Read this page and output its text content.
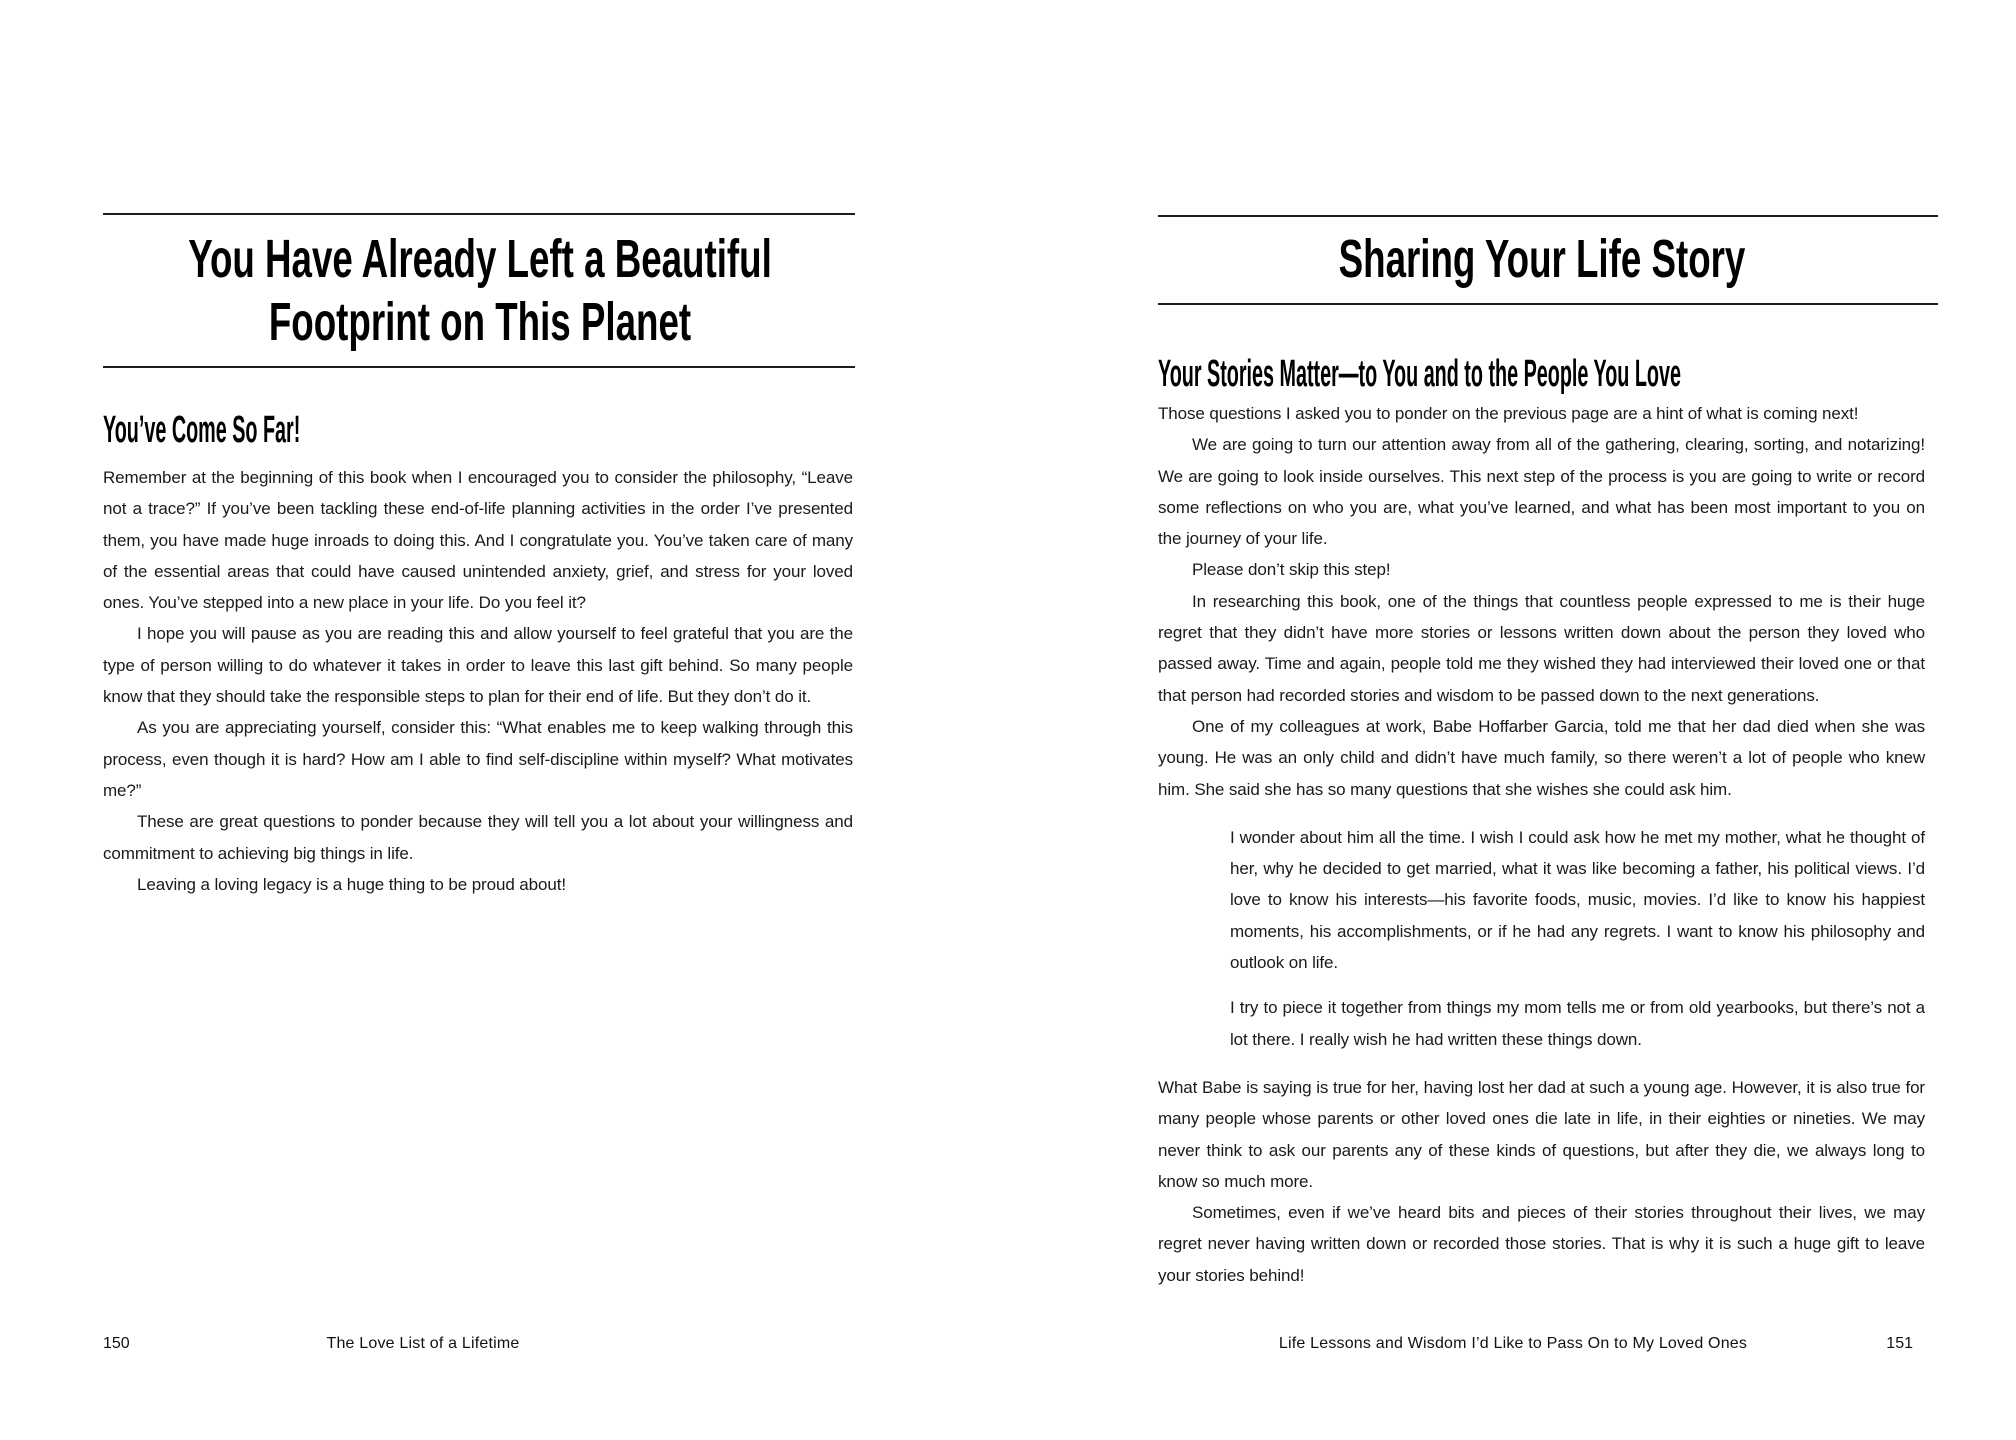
You Have Already Left a Beautiful
Footprint on This Planet
You’ve Come So Far!

Remember at the beginning of this book when I encouraged you to consider the philosophy, “Leave not a trace?” If you’ve been tackling these end-of-life planning activities in the order I’ve presented them, you have made huge inroads to doing this. And I congratulate you. You’ve taken care of many of the essential areas that could have caused unintended anxiety, grief, and stress for your loved ones. You’ve stepped into a new place in your life. Do you feel it?

I hope you will pause as you are reading this and allow yourself to feel grateful that you are the type of person willing to do whatever it takes in order to leave this last gift behind. So many people know that they should take the responsible steps to plan for their end of life. But they don’t do it.

As you are appreciating yourself, consider this: “What enables me to keep walking through this process, even though it is hard? How am I able to find self-discipline within myself? What motivates me?”

These are great questions to ponder because they will tell you a lot about your willingness and commitment to achieving big things in life.

Leaving a loving legacy is a huge thing to be proud about!

150	The Love List of a Lifetime
Sharing Your Life Story
Your Stories Matter—to You and to the People You Love

Those questions I asked you to ponder on the previous page are a hint of what is coming next!

We are going to turn our attention away from all of the gathering, clearing, sorting, and notarizing! We are going to look inside ourselves. This next step of the process is you are going to write or record some reflections on who you are, what you’ve learned, and what has been most important to you on the journey of your life.

Please don’t skip this step!

In researching this book, one of the things that countless people expressed to me is their huge regret that they didn’t have more stories or lessons written down about the person they loved who passed away. Time and again, people told me they wished they had interviewed their loved one or that that person had recorded stories and wisdom to be passed down to the next generations.

One of my colleagues at work, Babe Hoffarber Garcia, told me that her dad died when she was young. He was an only child and didn’t have much family, so there weren’t a lot of people who knew him. She said she has so many questions that she wishes she could ask him.

I wonder about him all the time. I wish I could ask how he met my mother, what he thought of her, why he decided to get married, what it was like becoming a father, his political views. I’d love to know his interests—his favorite foods, music, movies. I’d like to know his happiest moments, his accomplishments, or if he had any regrets. I want to know his philosophy and outlook on life.

I try to piece it together from things my mom tells me or from old yearbooks, but there’s not a lot there. I really wish he had written these things down.

What Babe is saying is true for her, having lost her dad at such a young age. However, it is also true for many people whose parents or other loved ones die late in life, in their eighties or nineties. We may never think to ask our parents any of these kinds of questions, but after they die, we always long to know so much more.

Sometimes, even if we’ve heard bits and pieces of their stories throughout their lives, we may regret never having written down or recorded those stories. That is why it is such a huge gift to leave your stories behind!

Life Lessons and Wisdom I’d Like to Pass On to My Loved Ones	151
